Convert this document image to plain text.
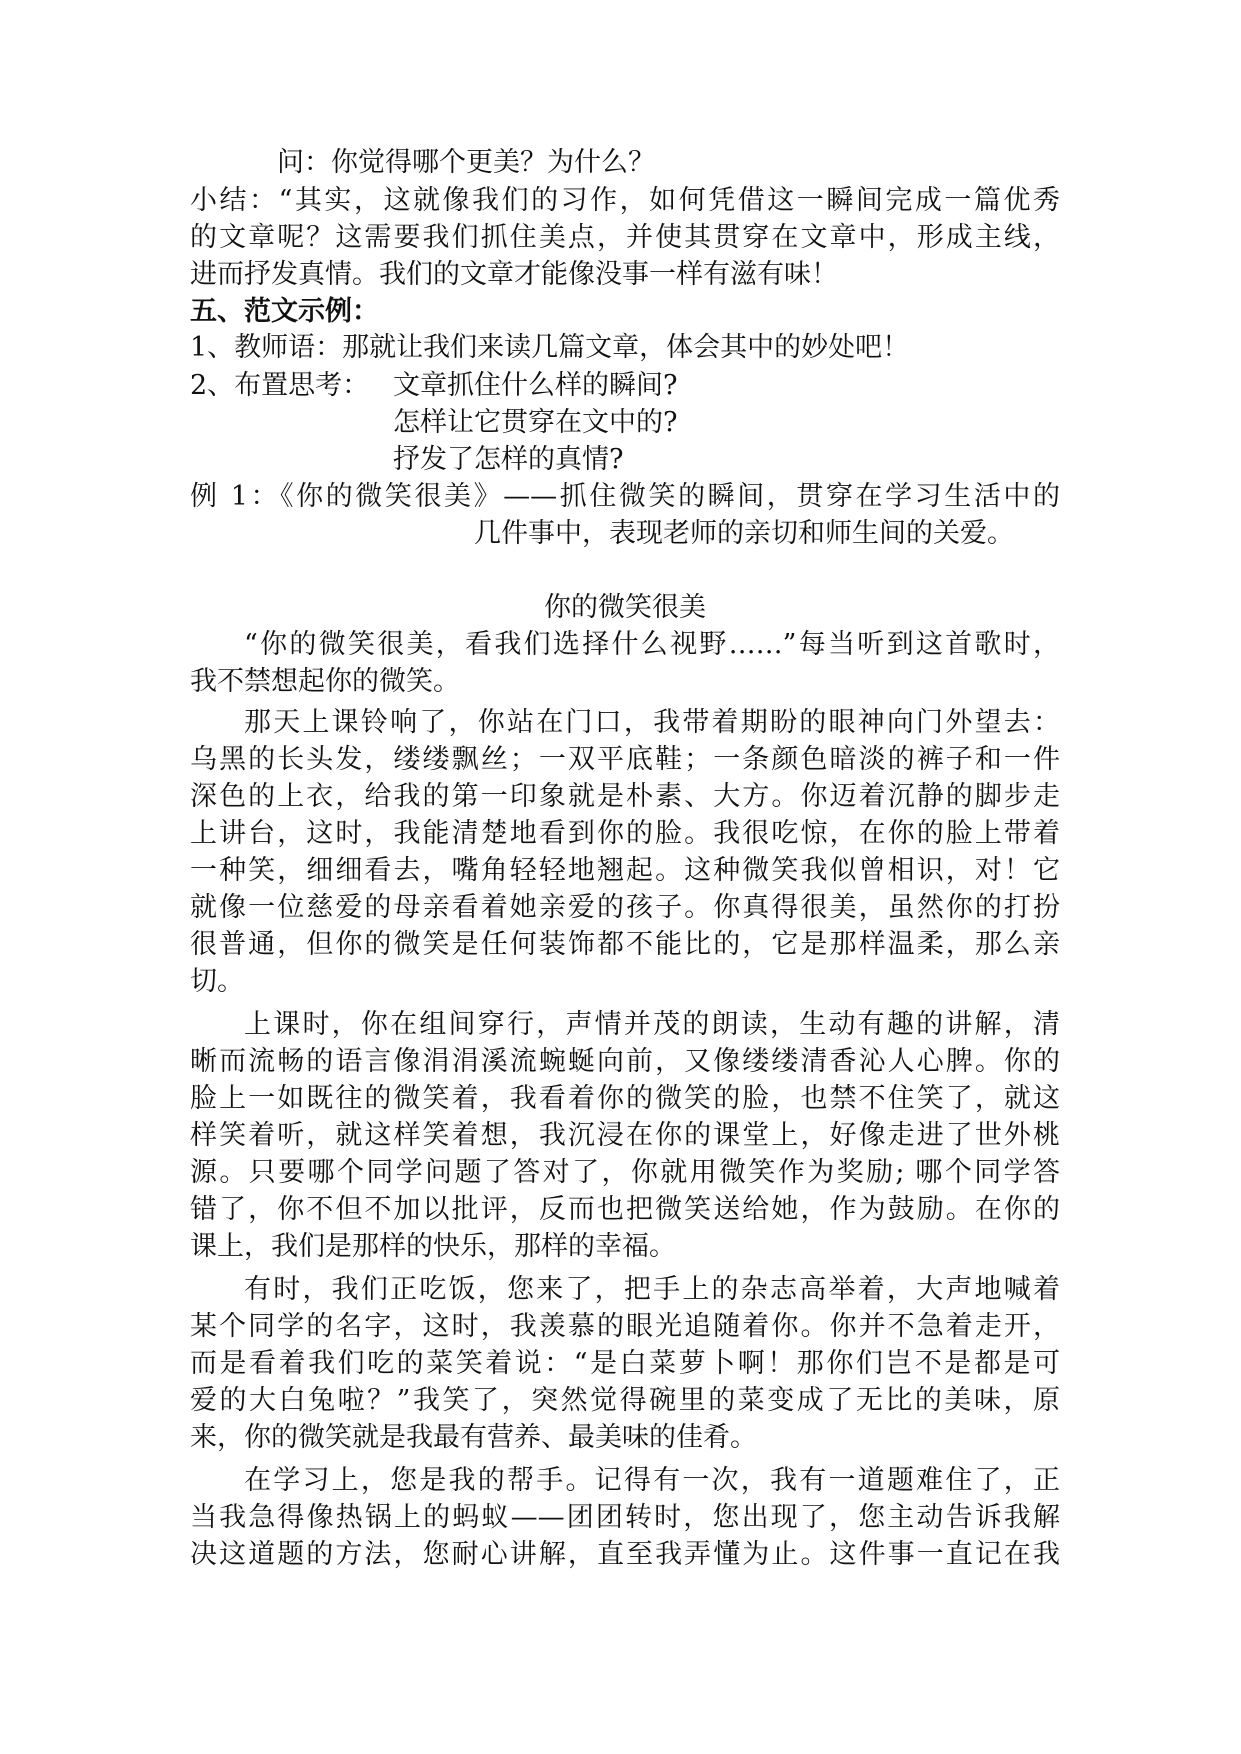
问：你觉得哪个更美？为什么？

小结：“其实，这就像我们的习作，如何凭借这一瞬间完成一篇优秀

的文章呢？这需要我们抓住美点，并使其贯穿在文章中，形成主线，

进而抒发真情。我们的文章才能像没事一样有滋有味！

五、范文示例：

1、教师语：那就让我们来读几篇文章，体会其中的妙处吧！

2、布置思考： 文章抓住什么样的瞬间?

怎样让它贯穿在文中的?

抒发了怎样的真情?

例 1：《你的微笑很美》——抓住微笑的瞬间，贯穿在学习生活中的

几件事中，表现老师的亲切和师生间的关爱。

你的微笑很美

“你的微笑很美，看我们选择什么视野……”每当听到这首歌时，

我不禁想起你的微笑。

那天上课铃响了，你站在门口，我带着期盼的眼神向门外望去：

乌黑的长头发，缕缕飘丝；一双平底鞋；一条颜色暗淡的裤子和一件

深色的上衣，给我的第一印象就是朴素、大方。你迈着沉静的脚步走

上讲台，这时，我能清楚地看到你的脸。我很吃惊，在你的脸上带着

一种笑，细细看去，嘴角轻轻地翘起。这种微笑我似曾相识，对！它

就像一位慈爱的母亲看着她亲爱的孩子。你真得很美，虽然你的打扮

很普通，但你的微笑是任何装饰都不能比的，它是那样温柔，那么亲

切。

上课时，你在组间穿行，声情并茂的朗读，生动有趣的讲解，清

晰而流畅的语言像涓涓溪流蜿蜒向前，又像缕缕清香沁人心脾。你的

脸上一如既往的微笑着，我看着你的微笑的脸，也禁不住笑了，就这

样笑着听，就这样笑着想，我沉浸在你的课堂上，好像走进了世外桃

源。只要哪个同学问题了答对了，你就用微笑作为奖励; 哪个同学答

错了，你不但不加以批评，反而也把微笑送给她，作为鼓励。在你的

课上，我们是那样的快乐，那样的幸福。

有时，我们正吃饭，您来了，把手上的杂志高举着，大声地喊着

某个同学的名字，这时，我羡慕的眼光追随着你。你并不急着走开，

而是看着我们吃的菜笑着说：“是白菜萝卜啊！那你们岂不是都是可

爱的大白兔啦？”我笑了，突然觉得碗里的菜变成了无比的美味，原

来，你的微笑就是我最有营养、最美味的佳肴。

在学习上，您是我的帮手。记得有一次，我有一道题难住了，正

当我急得像热锅上的蚂蚁——团团转时，您出现了，您主动告诉我解

决这道题的方法，您耐心讲解，直至我弄懂为止。这件事一直记在我
